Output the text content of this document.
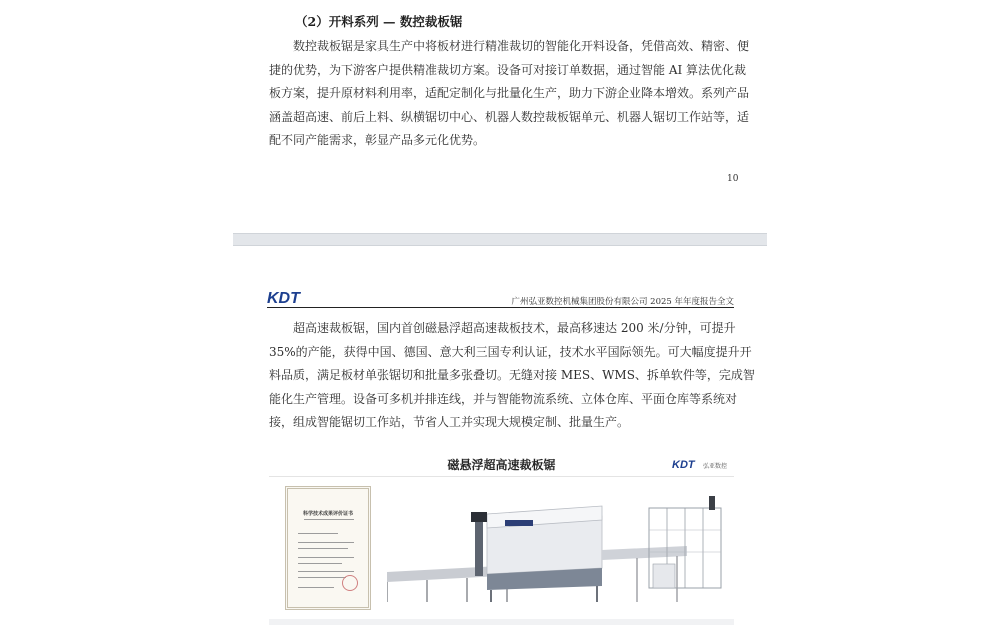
（2）开料系列 — 数控裁板锯
数控裁板锯是家具生产中将板材进行精准裁切的智能化开料设备，凭借高效、精密、便
捷的优势，为下游客户提供精准裁切方案。设备可对接订单数据，通过智能 AI 算法优化裁
板方案，提升原材料利用率，适配定制化与批量化生产，助力下游企业降本增效。系列产品
涵盖超高速、前后上料、纵横锯切中心、机器人数控裁板锯单元、机器人锯切工作站等，适
配不同产能需求，彰显产品多元化优势。
10
KDT	广州弘亚数控机械集团股份有限公司 2025 年年度报告全文
超高速裁板锯，国内首创磁悬浮超高速裁板技术，最高移速达 200 米/分钟，可提升
35%的产能，获得中国、德国、意大利三国专利认证，技术水平国际领先。可大幅度提升开
料品质，满足板材单张锯切和批量多张叠切。无缝对接 MES、WMS、拆单软件等，完成智
能化生产管理。设备可多机并排连线，并与智能物流系统、立体仓库、平面仓库等系统对
接，组成智能锯切工作站，节省人工并实现大规模定制、批量生产。
磁悬浮超高速裁板锯	KDT 弘亚数控
科学技术成果评价证书
